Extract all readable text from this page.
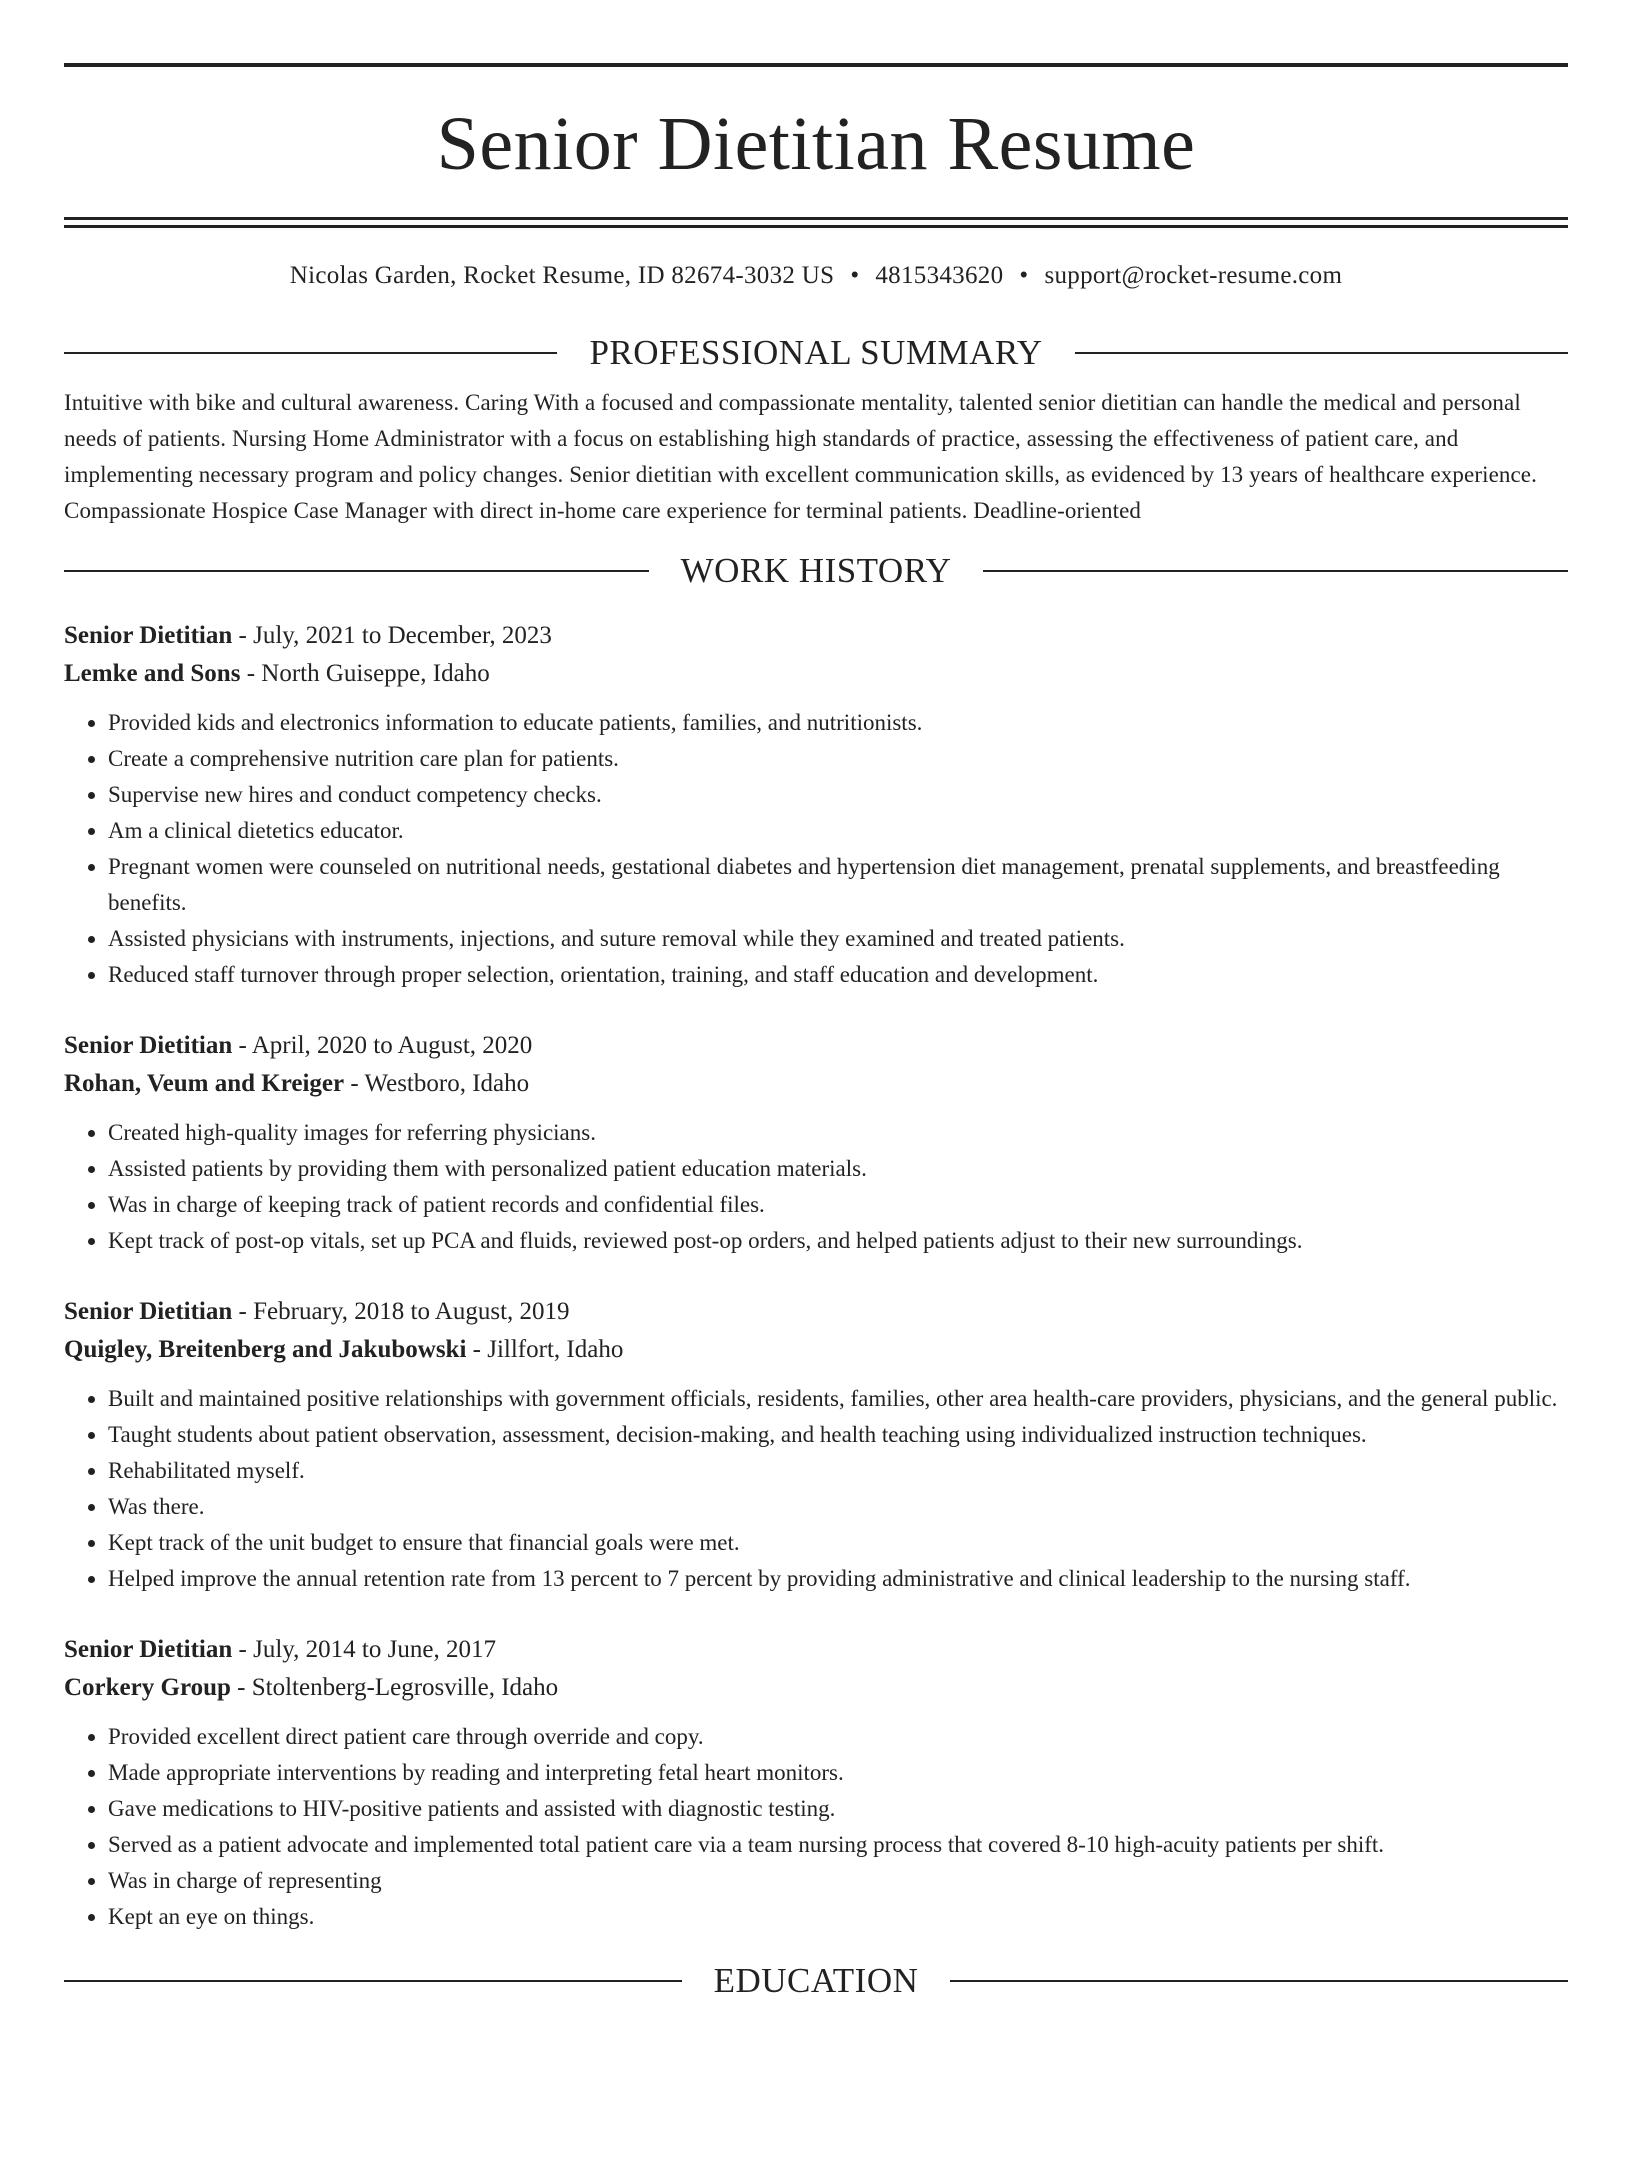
Senior Dietitian Resume
Nicolas Garden, Rocket Resume, ID 82674-3032 US • 4815343620 • support@rocket-resume.com
PROFESSIONAL SUMMARY
Intuitive with bike and cultural awareness. Caring With a focused and compassionate mentality, talented senior dietitian can handle the medical and personal needs of patients. Nursing Home Administrator with a focus on establishing high standards of practice, assessing the effectiveness of patient care, and implementing necessary program and policy changes. Senior dietitian with excellent communication skills, as evidenced by 13 years of healthcare experience. Compassionate Hospice Case Manager with direct in-home care experience for terminal patients. Deadline-oriented
WORK HISTORY
Senior Dietitian - July, 2021 to December, 2023
Lemke and Sons - North Guiseppe, Idaho
• Provided kids and electronics information to educate patients, families, and nutritionists.
• Create a comprehensive nutrition care plan for patients.
• Supervise new hires and conduct competency checks.
• Am a clinical dietetics educator.
• Pregnant women were counseled on nutritional needs, gestational diabetes and hypertension diet management, prenatal supplements, and breastfeeding benefits.
• Assisted physicians with instruments, injections, and suture removal while they examined and treated patients.
• Reduced staff turnover through proper selection, orientation, training, and staff education and development.
Senior Dietitian - April, 2020 to August, 2020
Rohan, Veum and Kreiger - Westboro, Idaho
• Created high-quality images for referring physicians.
• Assisted patients by providing them with personalized patient education materials.
• Was in charge of keeping track of patient records and confidential files.
• Kept track of post-op vitals, set up PCA and fluids, reviewed post-op orders, and helped patients adjust to their new surroundings.
Senior Dietitian - February, 2018 to August, 2019
Quigley, Breitenberg and Jakubowski - Jillfort, Idaho
• Built and maintained positive relationships with government officials, residents, families, other area health-care providers, physicians, and the general public.
• Taught students about patient observation, assessment, decision-making, and health teaching using individualized instruction techniques.
• Rehabilitated myself.
• Was there.
• Kept track of the unit budget to ensure that financial goals were met.
• Helped improve the annual retention rate from 13 percent to 7 percent by providing administrative and clinical leadership to the nursing staff.
Senior Dietitian - July, 2014 to June, 2017
Corkery Group - Stoltenberg-Legrosville, Idaho
• Provided excellent direct patient care through override and copy.
• Made appropriate interventions by reading and interpreting fetal heart monitors.
• Gave medications to HIV-positive patients and assisted with diagnostic testing.
• Served as a patient advocate and implemented total patient care via a team nursing process that covered 8-10 high-acuity patients per shift.
• Was in charge of representing
• Kept an eye on things.
EDUCATION
